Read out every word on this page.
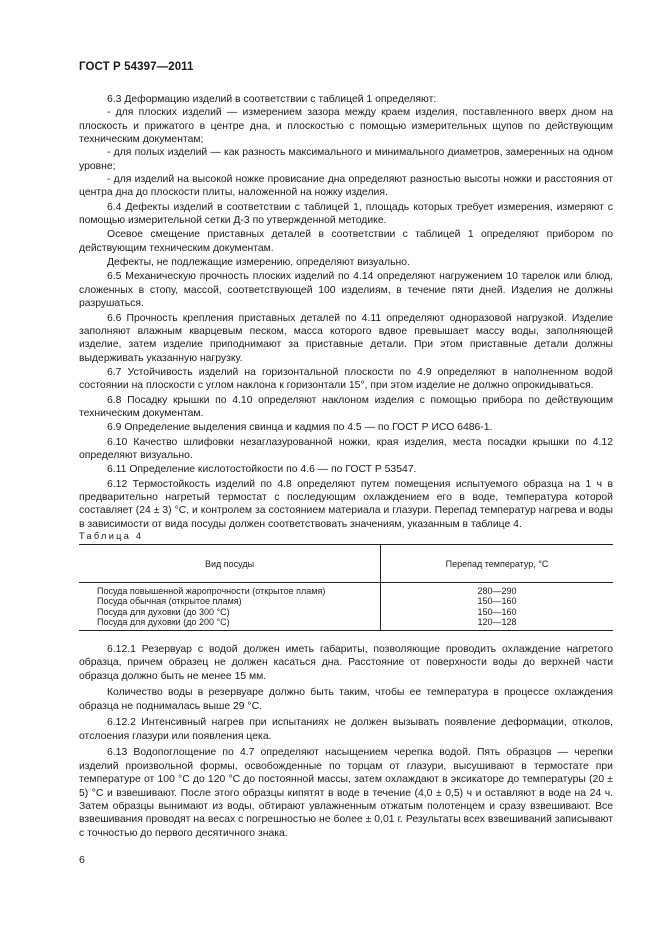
ГОСТ Р 54397—2011

6.3 Деформацию изделий в соответствии с таблицей 1 определяют:

- для плоских изделий — измерением зазора между краем изделия, поставленного вверх дном на плоскость и прижатого в центре дна, и плоскостью с помощью измерительных щупов по действующим техническим документам;

- для полых изделий — как разность максимального и минимального диаметров, замеренных на одном уровне;

- для изделий на высокой ножке провисание дна определяют разностью высоты ножки и расстояния от центра дна до плоскости плиты, наложенной на ножку изделия.

6.4 Дефекты изделий в соответствии с таблицей 1, площадь которых требует измерения, измеряют с помощью измерительной сетки Д-3 по утвержденной методике.

Осевое смещение приставных деталей в соответствии с таблицей 1 определяют прибором по действующим техническим документам.

Дефекты, не подлежащие измерению, определяют визуально.

6.5 Механическую прочность плоских изделий по 4.14 определяют нагружением 10 тарелок или блюд, сложенных в стопу, массой, соответствующей 100 изделиям, в течение пяти дней. Изделия не должны разрушаться.

6.6 Прочность крепления приставных деталей по 4.11 определяют одноразовой нагрузкой. Изделие заполняют влажным кварцевым песком, масса которого вдвое превышает массу воды, заполняющей изделие, затем изделие приподнимают за приставные детали. При этом приставные детали должны выдерживать указанную нагрузку.

6.7 Устойчивость изделий на горизонтальной плоскости по 4.9 определяют в наполненном водой состоянии на плоскости с углом наклона к горизонтали 15°, при этом изделие не должно опрокидываться.

6.8 Посадку крышки по 4.10 определяют наклоном изделия с помощью прибора по действующим техническим документам.

6.9 Определение выделения свинца и кадмия по 4.5 — по ГОСТ Р ИСО 6486-1.

6.10 Качество шлифовки незаглазурованной ножки, края изделия, места посадки крышки по 4.12 определяют визуально.

6.11 Определение кислотостойкости по 4.6 — по ГОСТ Р 53547.

6.12 Термостойкость изделий по 4.8 определяют путем помещения испытуемого образца на 1 ч в предварительно нагретый термостат с последующим охлаждением его в воде, температура которой составляет (24 ± 3) °С, и контролем за состоянием материала и глазури. Перепад температур нагрева и воды в зависимости от вида посуды должен соответствовать значениям, указанным в таблице 4.

Таблица 4
Вид посуды	Перепад температур, °С
Посуда повышенной жаропрочности (открытое пламя)	280—290
Посуда обычная (открытое пламя)	150—160
Посуда для духовки (до 300 °С)	150—160
Посуда для духовки (до 200 °С)	120—128

6.12.1 Резервуар с водой должен иметь габариты, позволяющие проводить охлаждение нагретого образца, причем образец не должен касаться дна. Расстояние от поверхности воды до верхней части образца должно быть не менее 15 мм.

Количество воды в резервуаре должно быть таким, чтобы ее температура в процессе охлаждения образца не поднималась выше 29 °С.

6.12.2 Интенсивный нагрев при испытаниях не должен вызывать появление деформации, отколов, отслоения глазури или появления цека.

6.13 Водопоглощение по 4.7 определяют насыщением черепка водой. Пять образцов — черепки изделий произвольной формы, освобожденные по торцам от глазури, высушивают в термостате при температуре от 100 °С до 120 °С до постоянной массы, затем охлаждают в эксикаторе до температуры (20 ± 5) °С и взвешивают. После этого образцы кипятят в воде в течение (4,0 ± 0,5) ч и оставляют в воде на 24 ч. Затем образцы вынимают из воды, обтирают увлажненным отжатым полотенцем и сразу взвешивают. Все взвешивания проводят на весах с погрешностью не более ± 0,01 г. Результаты всех взвешиваний записывают с точностью до первого десятичного знака.

6
